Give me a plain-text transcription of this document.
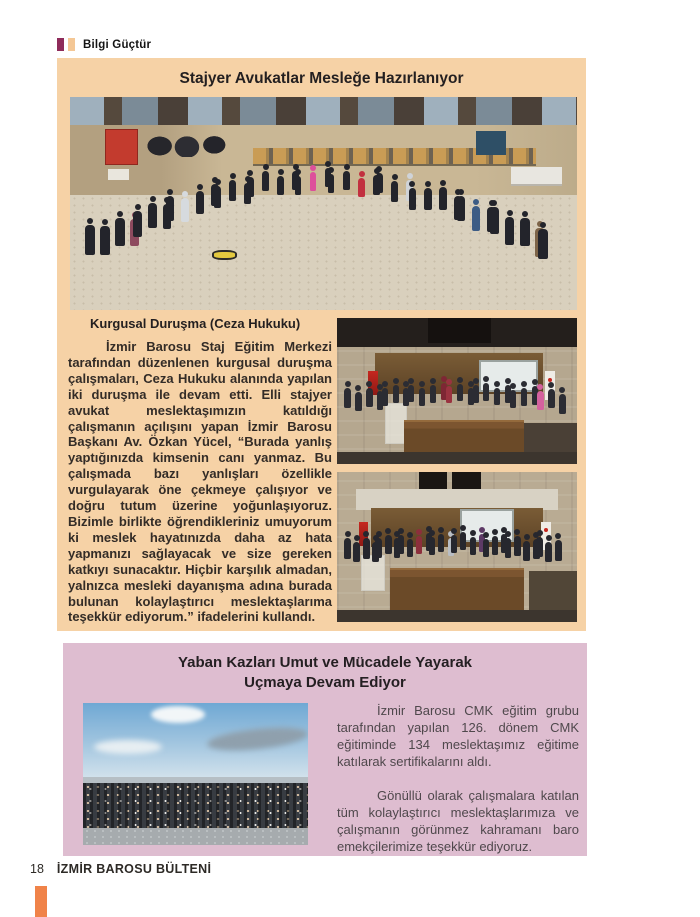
Bilgi Güçtür
Stajyer Avukatlar Mesleğe Hazırlanıyor
Kurgusal Duruşma (Ceza Hukuku)

İzmir Barosu Staj Eğitim Merkezi tarafından düzenlenen kurgusal duruşma çalışmaları, Ceza Hukuku alanında yapılan iki duruşma ile devam etti. Elli stajyer avukat meslektaşımızın katıldığı çalışmanın açılışını yapan İzmir Barosu Başkanı Av. Özkan Yücel, “Burada yanlış yaptığınızda kimsenin canı yanmaz. Bu çalışmada bazı yanlışları özellikle vurgulayarak öne çekmeye çalışıyor ve doğru tutum üzerine yoğunlaşıyoruz. Bizimle birlikte öğrendikleriniz umuyorum ki meslek hayatınızda daha az hata yapmanızı sağlayacak ve size gereken katkıyı sunacaktır. Hiçbir karşılık almadan, yalnızca mesleki dayanışma adına burada bulunan kolaylaştırıcı meslektaşlarıma teşekkür ediyorum.” ifadelerini kullandı.

Yaban Kazları Umut ve Mücadele Yayarak
Uçmaya Devam Ediyor

İzmir Barosu CMK eğitim grubu tarafından yapılan 126. dönem CMK eğitiminde 134 meslektaşımız eğitime katılarak sertifikalarını aldı.

Gönüllü olarak çalışmalara katılan tüm kolaylaştırıcı meslektaşlarımıza ve çalışmanın görünmez kahramanı baro emekçilerimize teşekkür ediyoruz.

18 İZMİR BAROSU BÜLTENİ
